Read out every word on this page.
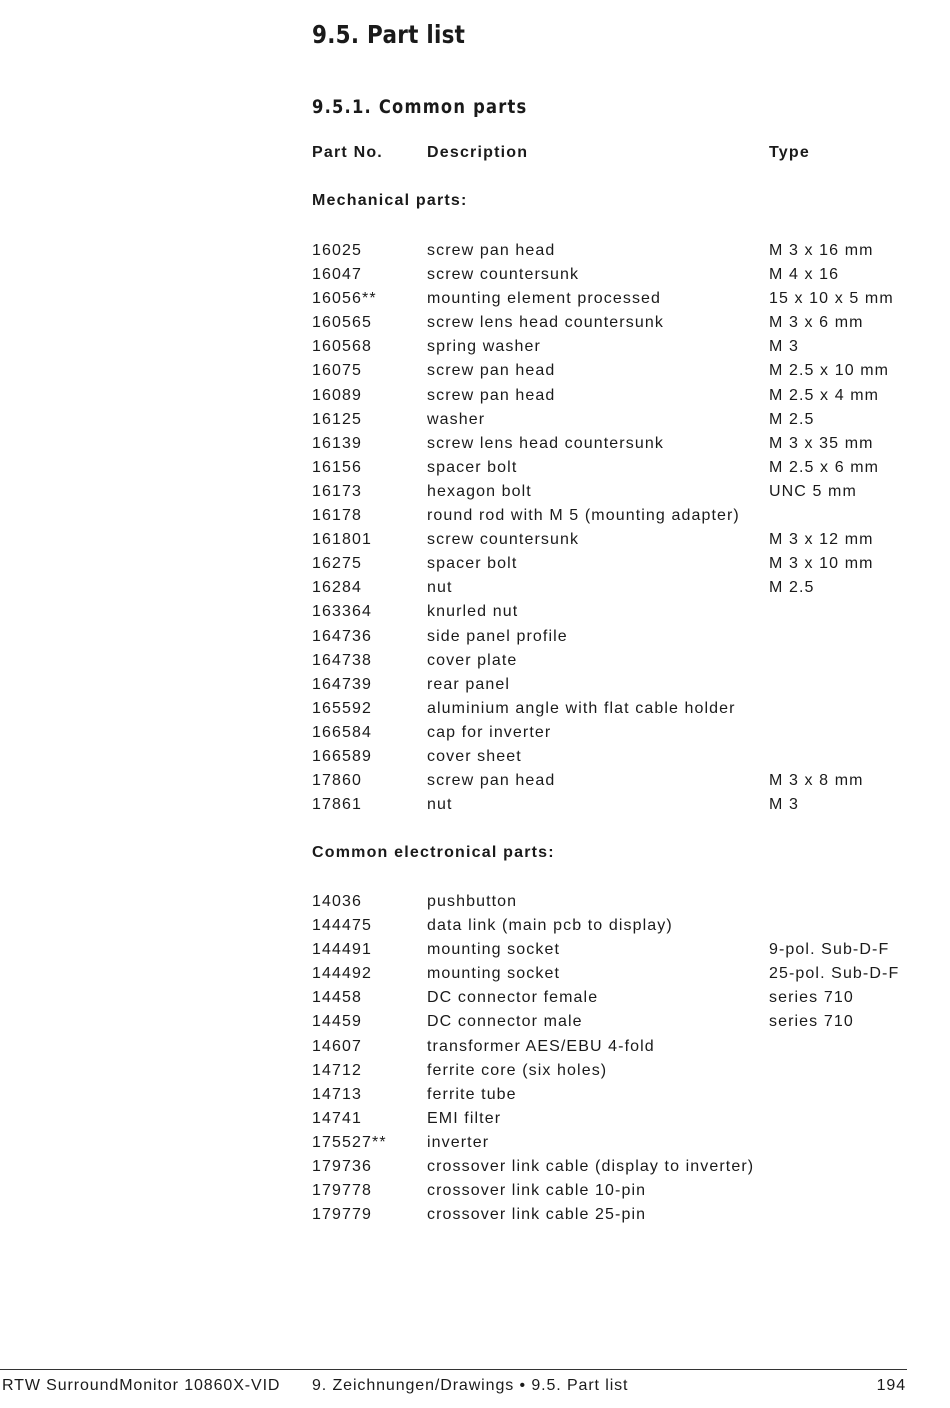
9.5. Part list
9.5.1. Common parts
Part No.	Description	Type
Mechanical parts:
16025	screw pan head	M 3 x 16 mm
16047	screw countersunk	M 4 x 16
16056**	mounting element processed	15 x 10 x 5 mm
160565	screw lens head countersunk	M 3 x 6 mm
160568	spring washer	M 3
16075	screw pan head	M 2.5 x 10 mm
16089	screw pan head	M 2.5 x 4 mm
16125	washer	M 2.5
16139	screw lens head countersunk	M 3 x 35 mm
16156	spacer bolt	M 2.5 x 6 mm
16173	hexagon bolt	UNC 5 mm
16178	round rod with M 5 (mounting adapter)
161801	screw countersunk	M 3 x 12 mm
16275	spacer bolt	M 3 x 10 mm
16284	nut	M 2.5
163364	knurled nut
164736	side panel profile
164738	cover plate
164739	rear panel
165592	aluminium angle with flat cable holder
166584	cap for inverter
166589	cover sheet
17860	screw pan head	M 3 x 8 mm
17861	nut	M 3
Common electronical parts:
14036	pushbutton
144475	data link (main pcb to display)
144491	mounting socket	9-pol. Sub-D-F
144492	mounting socket	25-pol. Sub-D-F
14458	DC connector female	series 710
14459	DC connector male	series 710
14607	transformer AES/EBU 4-fold
14712	ferrite core (six holes)
14713	ferrite tube
14741	EMI filter
175527**	inverter
179736	crossover link cable (display to inverter)
179778	crossover link cable 10-pin
179779	crossover link cable 25-pin
RTW SurroundMonitor 10860X-VID 9. Zeichnungen/Drawings • 9.5. Part list	194
